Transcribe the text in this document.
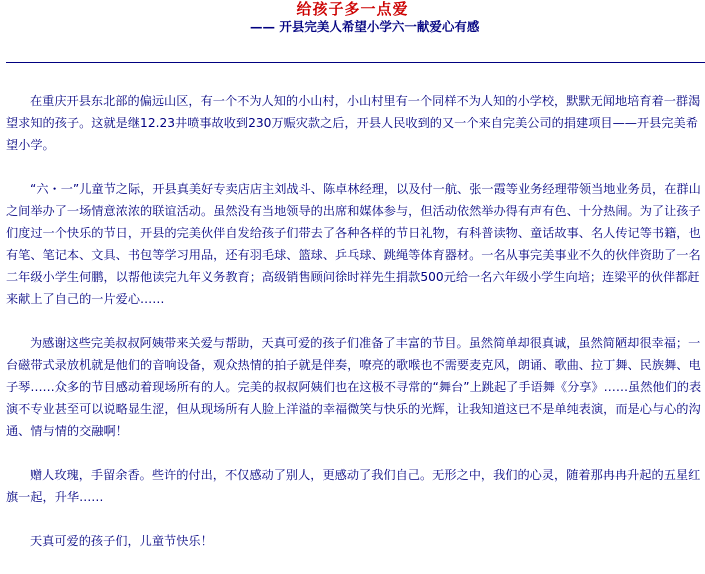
给孩子多一点爱
—— 开县完美人希望小学六一献爱心有感

在重庆开县东北部的偏远山区，有一个不为人知的小山村，小山村里有一个同样不为人知的小学校，默默无闻地培育着一群渴望求知的孩子。这就是继12.23井喷事故收到230万赈灾款之后，开县人民收到的又一个来自完美公司的捐建项目——开县完美希望小学。

“六・一”儿童节之际，开县真美好专卖店店主刘战斗、陈卓林经理，以及付一航、张一霞等业务经理带领当地业务员，在群山之间举办了一场情意浓浓的联谊活动。虽然没有当地领导的出席和媒体参与，但活动依然举办得有声有色、十分热闹。为了让孩子们度过一个快乐的节日，开县的完美伙伴自发给孩子们带去了各种各样的节日礼物，有科普读物、童话故事、名人传记等书籍，也有笔、笔记本、文具、书包等学习用品，还有羽毛球、篮球、乒乓球、跳绳等体育器材。一名从事完美事业不久的伙伴资助了一名二年级小学生何鹏，以帮他读完九年义务教育；高级销售顾问徐时祥先生捐款500元给一名六年级小学生向培；连梁平的伙伴都赶来献上了自己的一片爱心……

为感谢这些完美叔叔阿姨带来关爱与帮助，天真可爱的孩子们准备了丰富的节目。虽然简单却很真诚，虽然简陋却很幸福；一台磁带式录放机就是他们的音响设备，观众热情的拍子就是伴奏，嘹亮的歌喉也不需要麦克风，朗诵、歌曲、拉丁舞、民族舞、电子琴……众多的节目感动着现场所有的人。完美的叔叔阿姨们也在这极不寻常的“舞台”上跳起了手语舞《分享》……虽然他们的表演不专业甚至可以说略显生涩，但从现场所有人脸上洋溢的幸福微笑与快乐的光辉，让我知道这已不是单纯表演，而是心与心的沟通、情与情的交融啊！

赠人玫瑰，手留余香。些许的付出，不仅感动了别人，更感动了我们自己。无形之中，我们的心灵，随着那冉冉升起的五星红旗一起，升华……

天真可爱的孩子们，儿童节快乐！
